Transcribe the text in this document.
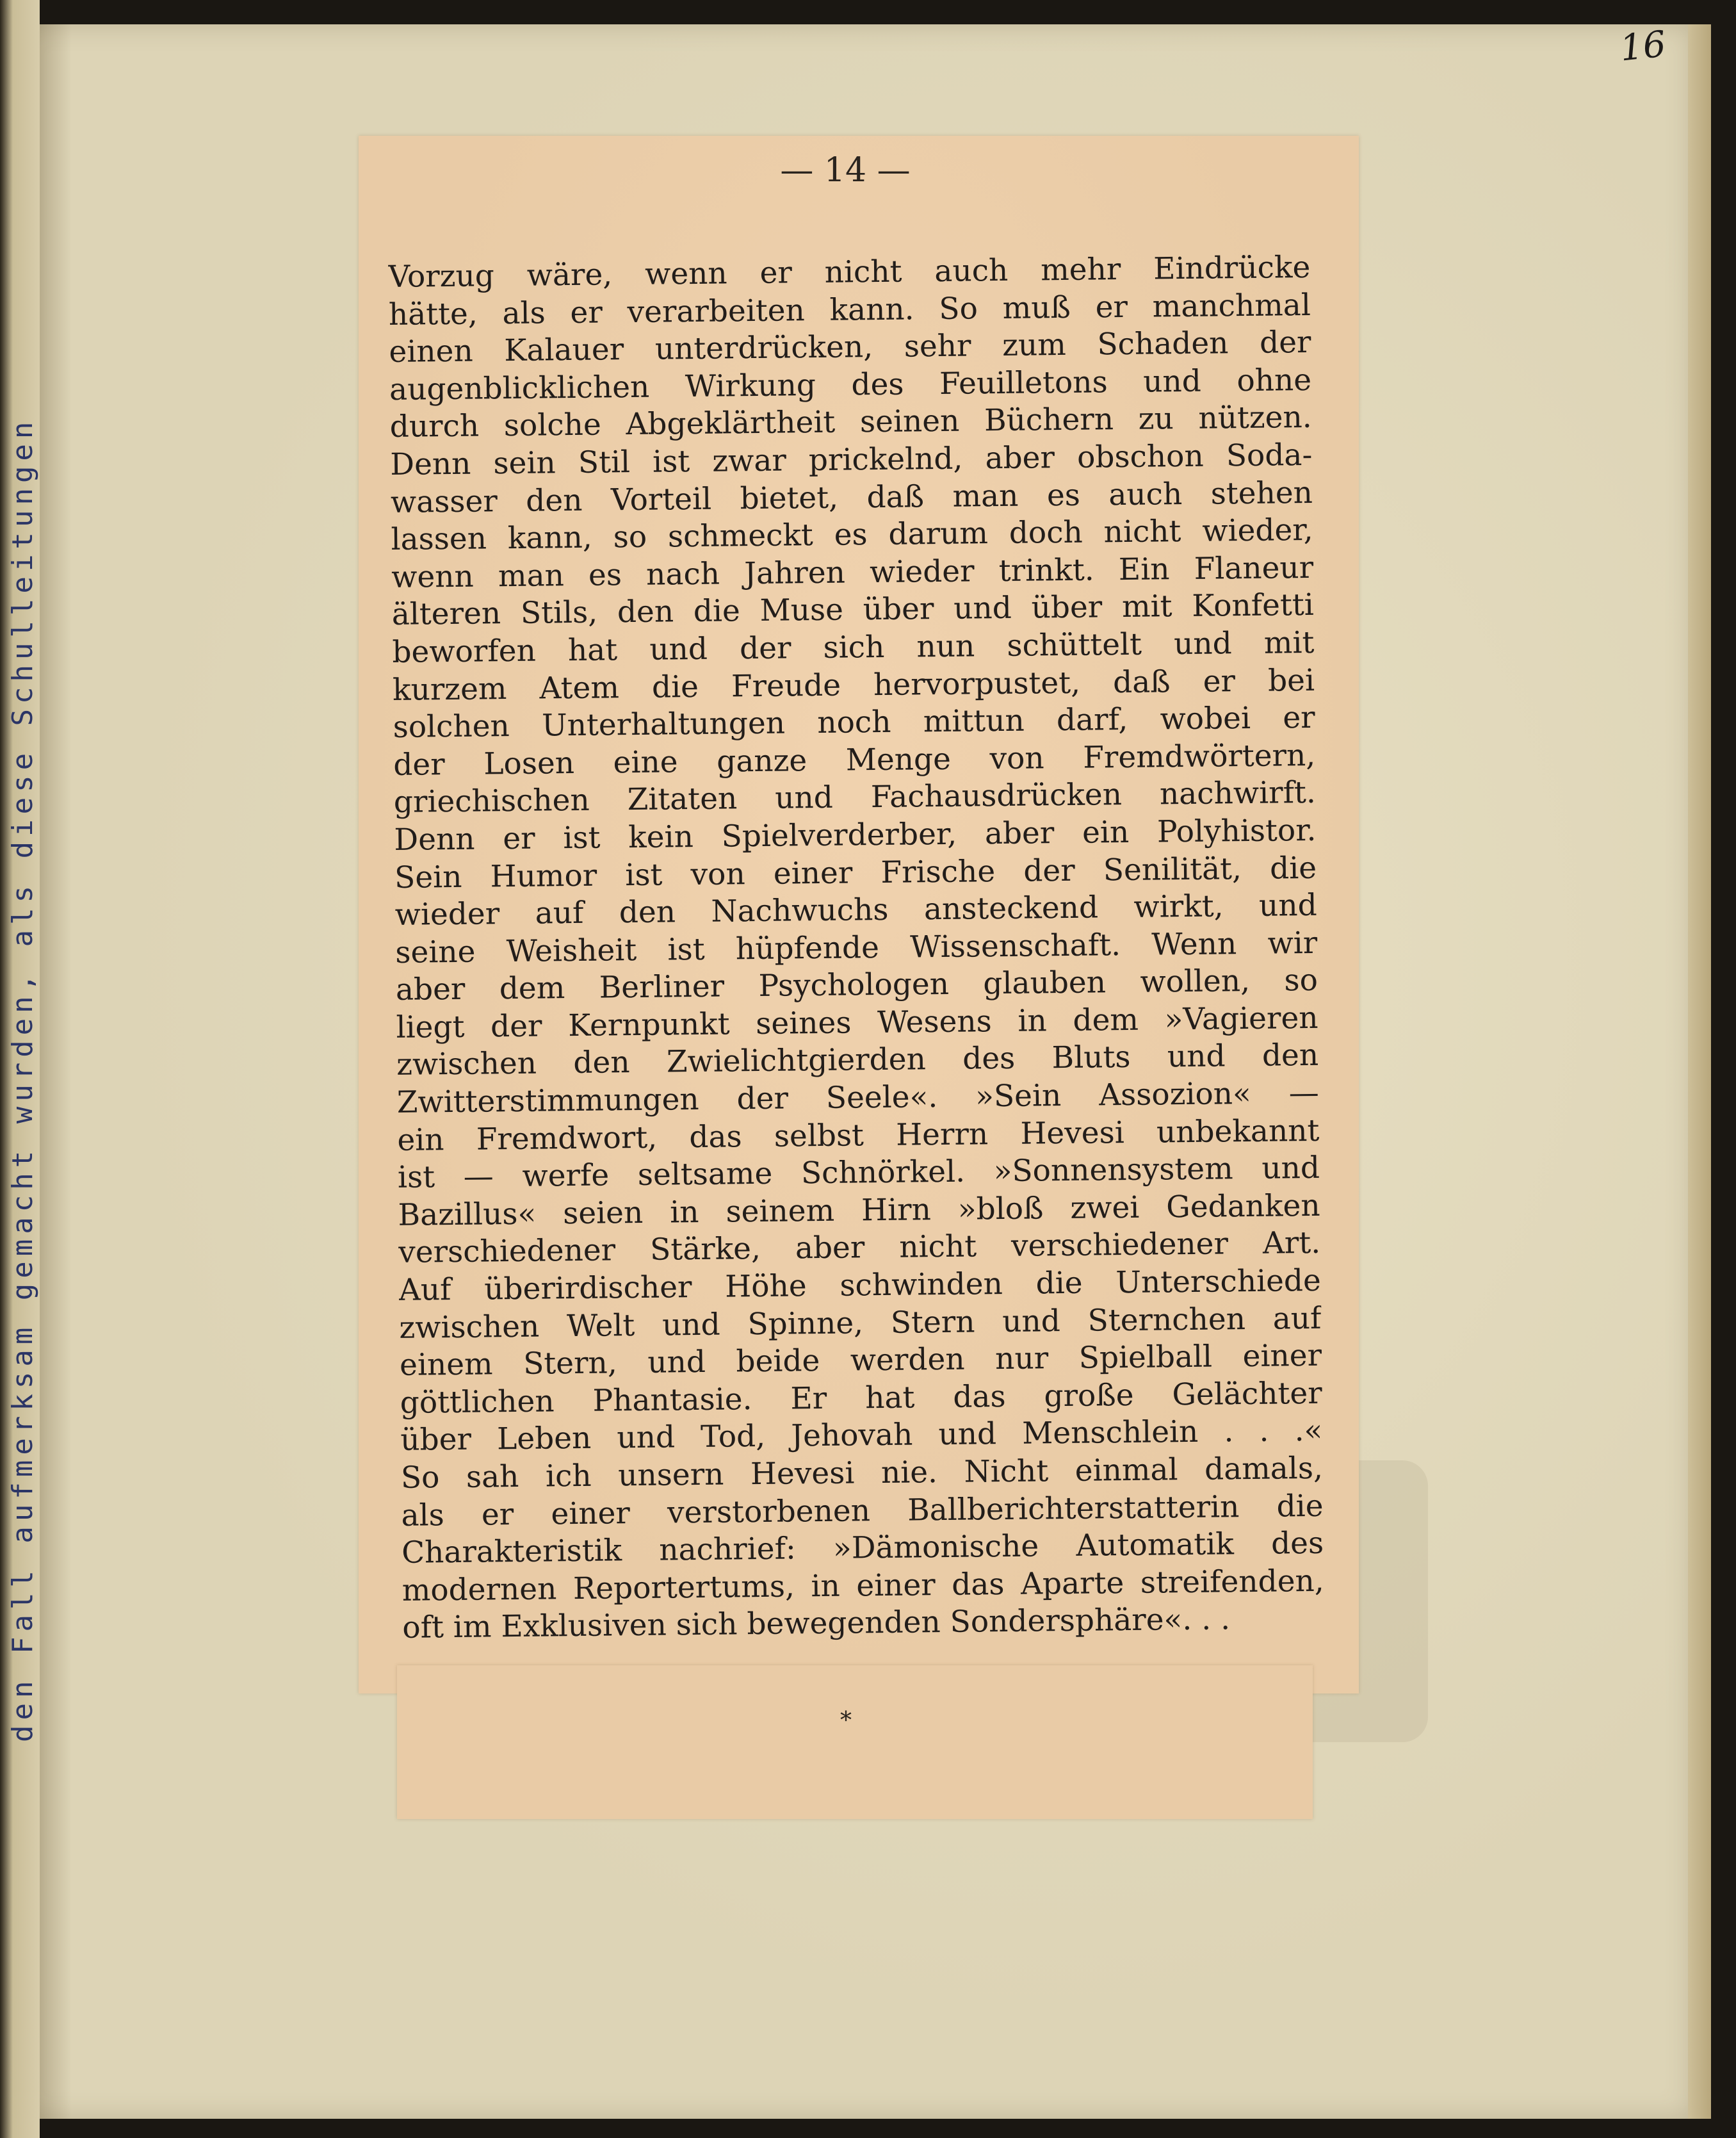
den Fall aufmerksam gemacht wurden, als diese Schulleitungen
16
— 14 —
Vorzug wäre, wenn er nicht auch mehr Eindrücke
hätte, als er verarbeiten kann. So muß er manchmal
einen Kalauer unterdrücken, sehr zum Schaden der
augenblicklichen Wirkung des Feuilletons und ohne
durch solche Abgeklärtheit seinen Büchern zu nützen.
Denn sein Stil ist zwar prickelnd, aber obschon Soda-
wasser den Vorteil bietet, daß man es auch stehen
lassen kann, so schmeckt es darum doch nicht wieder,
wenn man es nach Jahren wieder trinkt. Ein Flaneur
älteren Stils, den die Muse über und über mit Konfetti
beworfen hat und der sich nun schüttelt und mit
kurzem Atem die Freude hervorpustet, daß er bei
solchen Unterhaltungen noch mittun darf, wobei er
der Losen eine ganze Menge von Fremdwörtern,
griechischen Zitaten und Fachausdrücken nachwirft.
Denn er ist kein Spielverderber, aber ein Polyhistor.
Sein Humor ist von einer Frische der Senilität, die
wieder auf den Nachwuchs ansteckend wirkt, und
seine Weisheit ist hüpfende Wissenschaft. Wenn wir
aber dem Berliner Psychologen glauben wollen, so
liegt der Kernpunkt seines Wesens in dem »Vagieren
zwischen den Zwielichtgierden des Bluts und den
Zwitterstimmungen der Seele«. »Sein Assozion« —
ein Fremdwort, das selbst Herrn Hevesi unbekannt
ist — werfe seltsame Schnörkel. »Sonnensystem und
Bazillus« seien in seinem Hirn »bloß zwei Gedanken
verschiedener Stärke, aber nicht verschiedener Art.
Auf überirdischer Höhe schwinden die Unterschiede
zwischen Welt und Spinne, Stern und Sternchen auf
einem Stern, und beide werden nur Spielball einer
göttlichen Phantasie. Er hat das große Gelächter
über Leben und Tod, Jehovah und Menschlein . . .«
So sah ich unsern Hevesi nie. Nicht einmal damals,
als er einer verstorbenen Ballberichterstatterin die
Charakteristik nachrief: »Dämonische Automatik des
modernen Reportertums, in einer das Aparte streifenden,
oft im Exklusiven sich bewegenden Sondersphäre«. . .
*
